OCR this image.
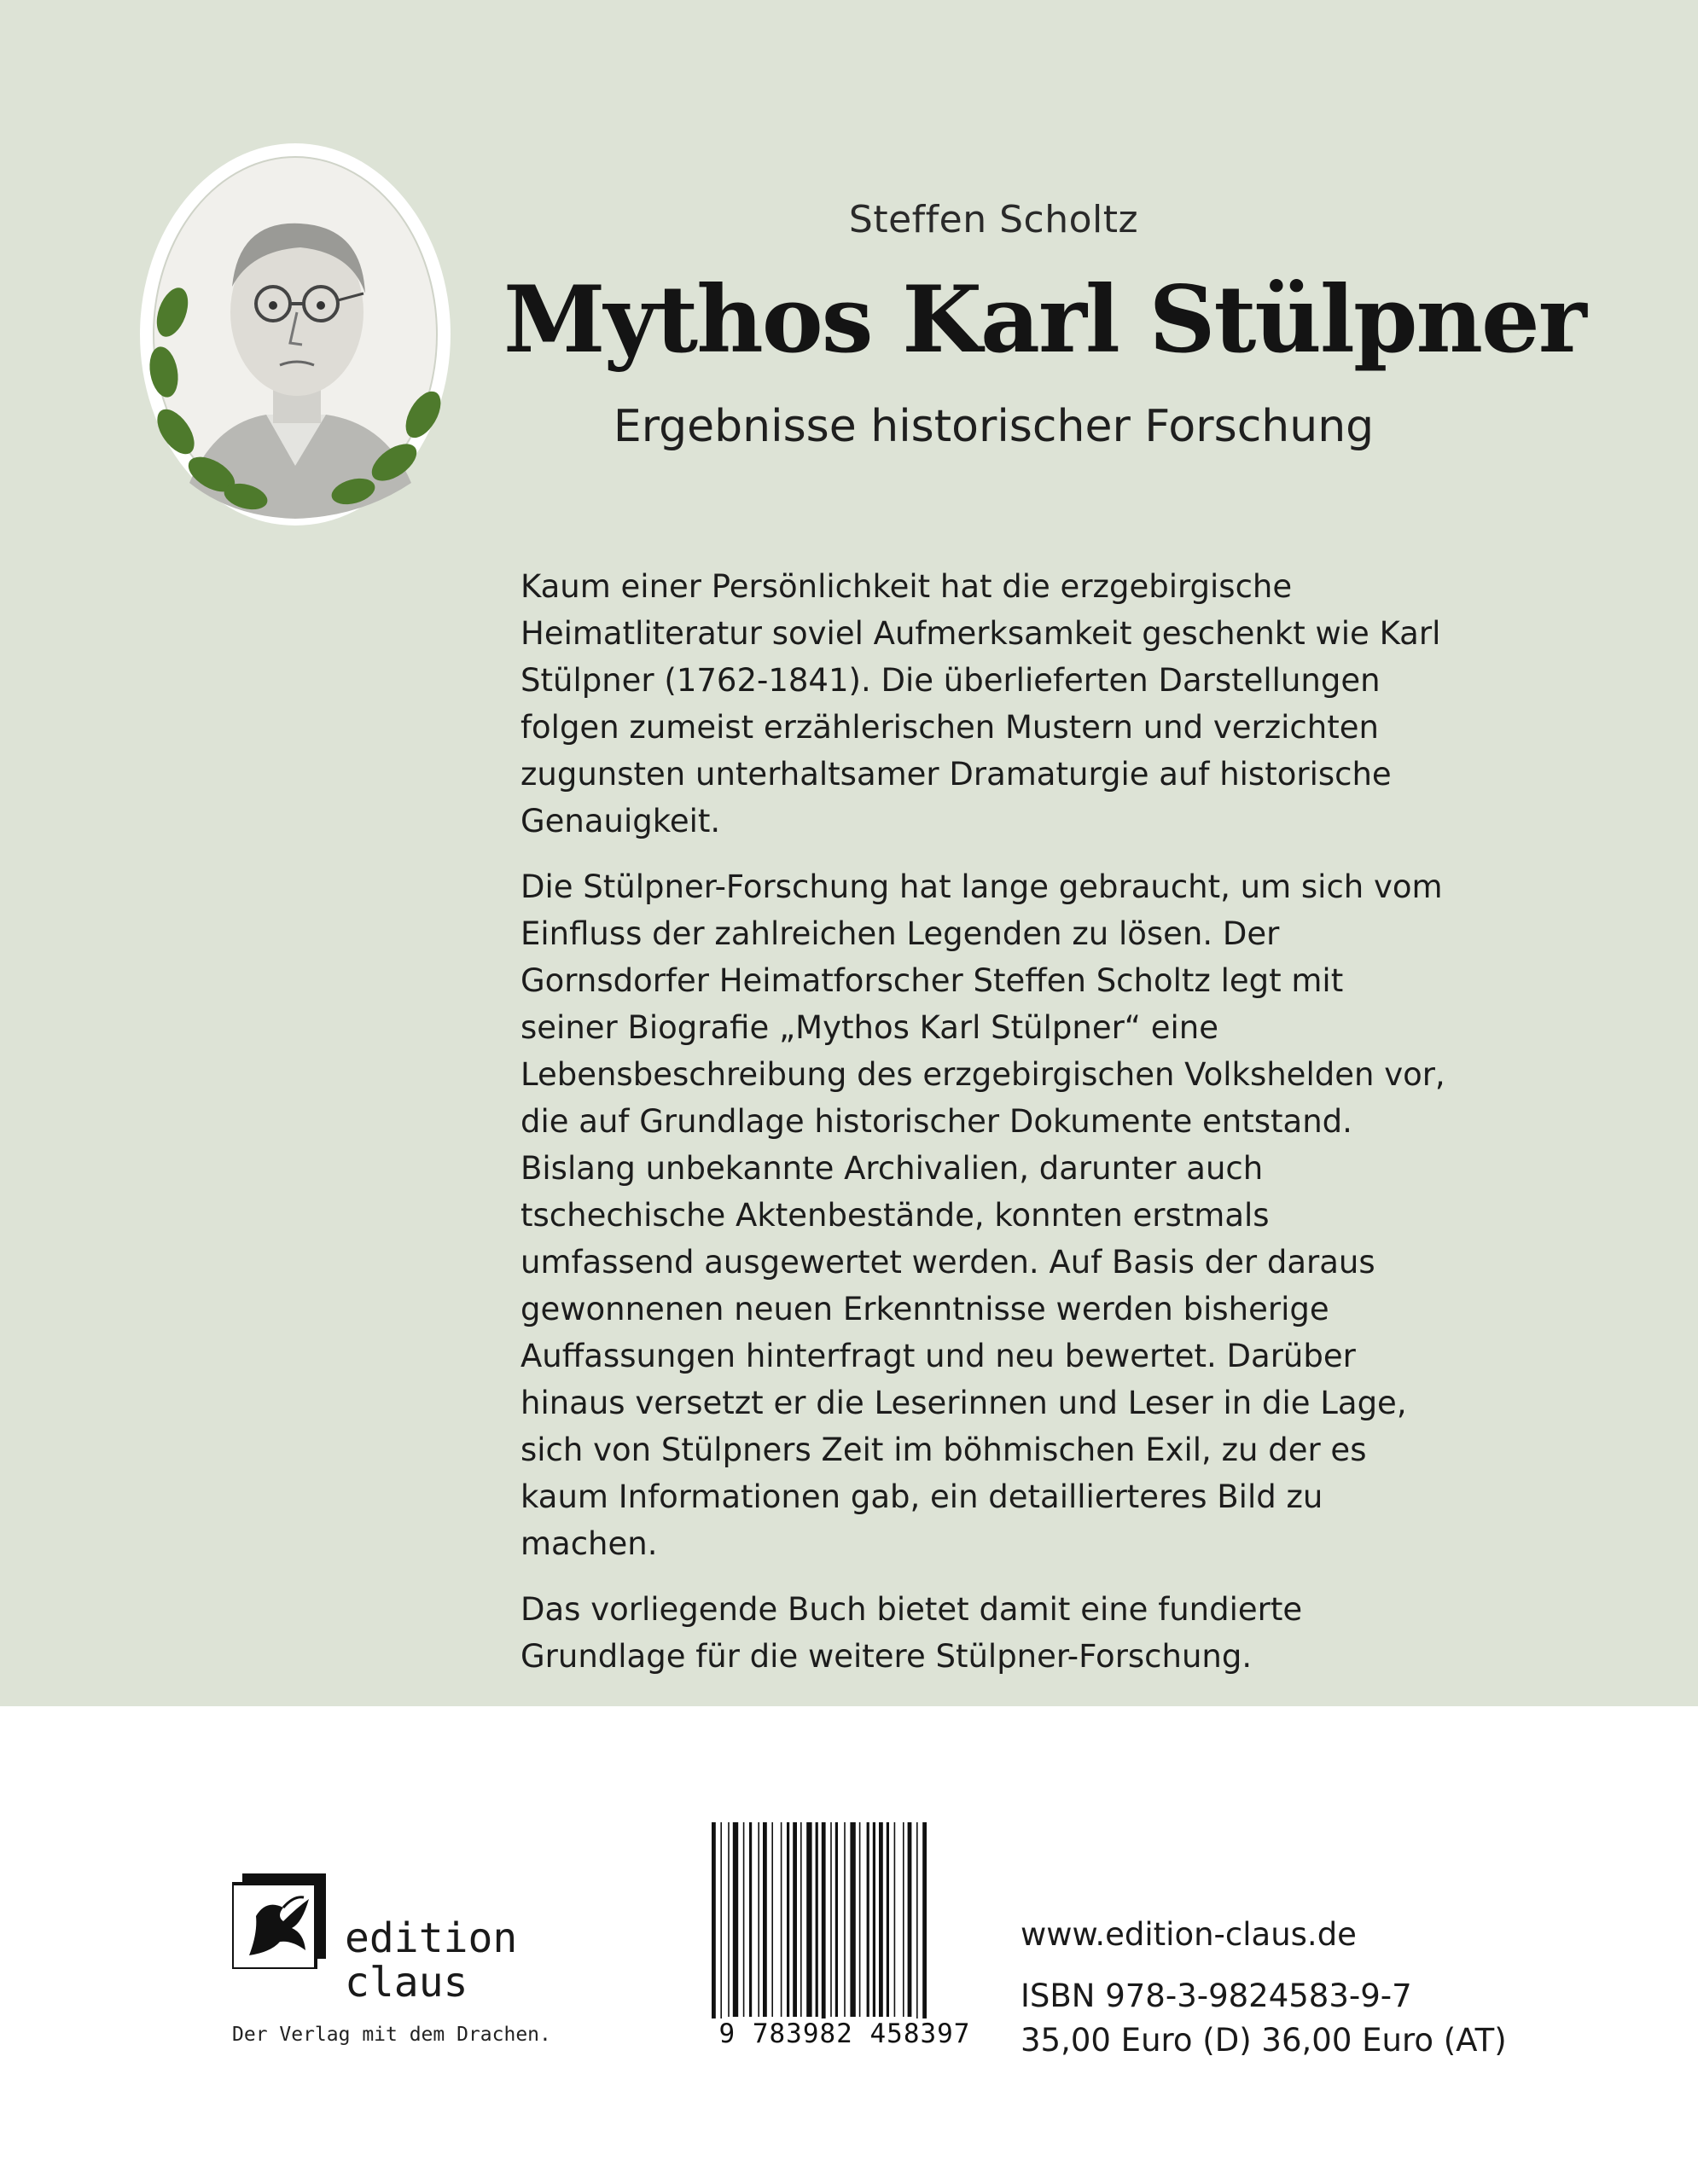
Steffen Scholtz
Mythos Karl Stülpner
Ergebnisse historischer Forschung

Kaum einer Persönlichkeit hat die erzgebirgische Heimatliteratur soviel Aufmerksamkeit geschenkt wie Karl Stülpner (1762-1841). Die überlieferten Darstellungen folgen zumeist erzählerischen Mustern und verzichten zugunsten unterhaltsamer Dramaturgie auf historische Genauigkeit.

Die Stülpner-Forschung hat lange gebraucht, um sich vom Einfluss der zahlreichen Legenden zu lösen. Der Gornsdorfer Heimatforscher Steffen Scholtz legt mit seiner Biografie „Mythos Karl Stülpner“ eine Lebensbeschreibung des erzgebirgischen Volkshelden vor, die auf Grundlage historischer Dokumente entstand. Bislang unbekannte Archivalien, darunter auch tschechische Aktenbestände, konnten erstmals umfassend ausgewertet werden. Auf Basis der daraus gewonnenen neuen Erkenntnisse werden bisherige Auffassungen hinterfragt und neu bewertet. Darüber hinaus versetzt er die Leserinnen und Leser in die Lage, sich von Stülpners Zeit im böhmischen Exil, zu der es kaum Informationen gab, ein detaillierteres Bild zu machen.

Das vorliegende Buch bietet damit eine fundierte Grundlage für die weitere Stülpner-Forschung.

edition
claus
Der Verlag mit dem Drachen.	9 783982 458397
www.edition-claus.de
ISBN 978-3-9824583-9-7
35,00 Euro (D) 36,00 Euro (AT)
